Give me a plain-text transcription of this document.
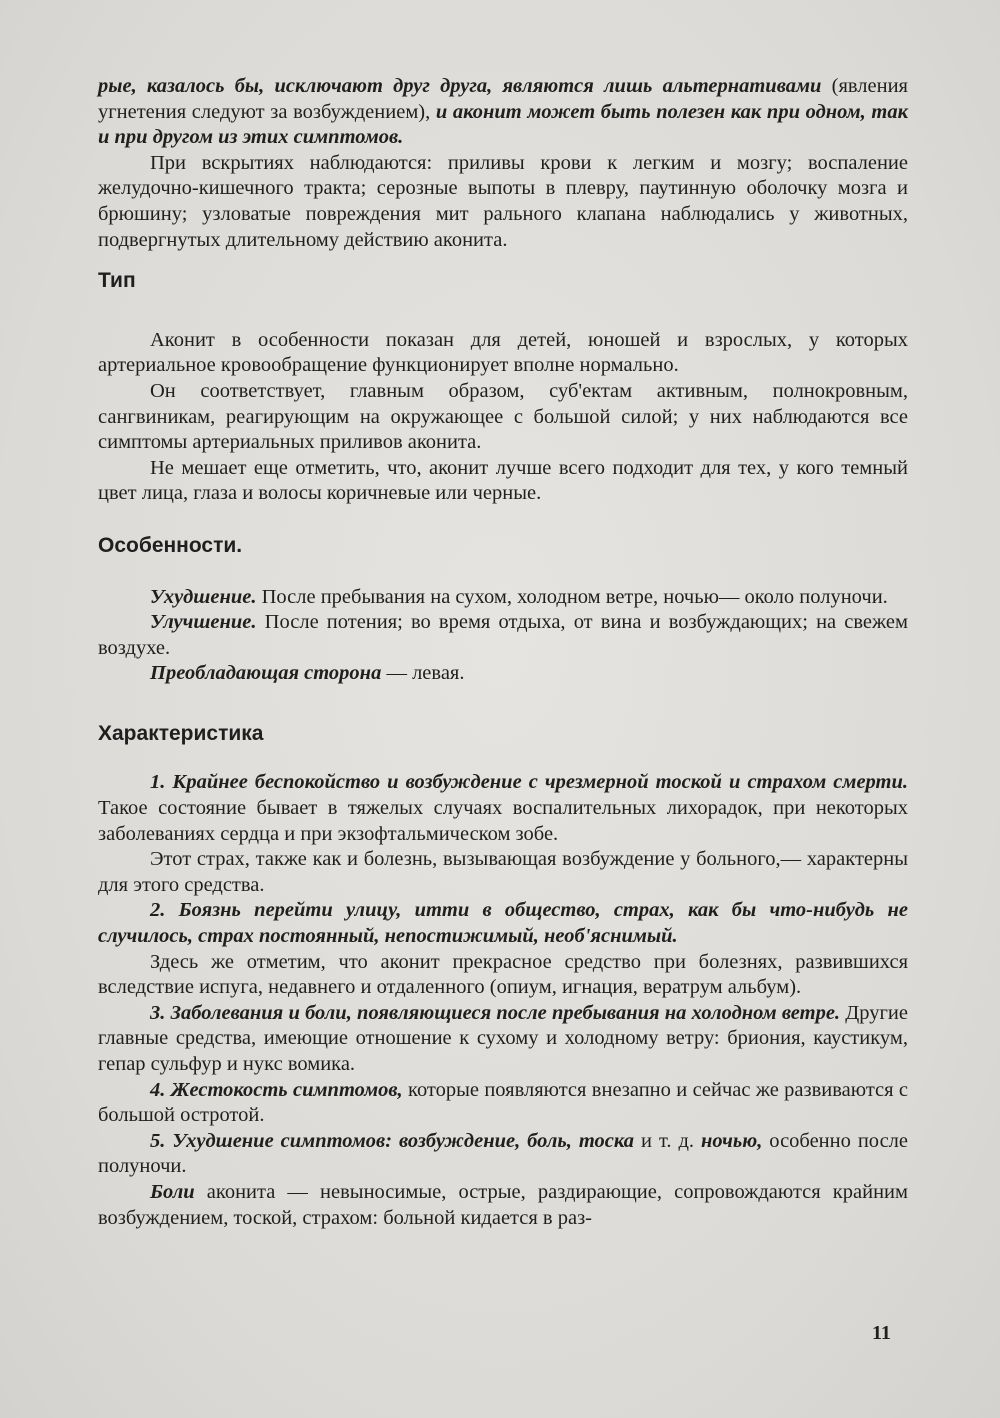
рые, казалось бы, исключают друг друга, являются лишь альтернативами (явления угнетения следуют за возбуждением), и аконит может быть полезен как при одном, так и при другом из этих симптомов.

При вскрытиях наблюдаются: приливы крови к легким и мозгу; воспаление желудочно-кишечного тракта; серозные выпоты в плевру, паутинную оболочку мозга и брюшину; узловатые повреждения мит рального клапана наблюдались у животных, подвергнутых длительному действию аконита.

Тип

Аконит в особенности показан для детей, юношей и взрослых, у которых артериальное кровообращение функционирует вполне нормально.

Он соответствует, главным образом, суб'ектам активным, полнокровным, сангвиникам, реагирующим на окружающее с большой силой; у них наблюдаются все симптомы артериальных приливов аконита.

Не мешает еще отметить, что, аконит лучше всего подходит для тех, у кого темный цвет лица, глаза и волосы коричневые или черные.

Особенности.

Ухудшение. После пребывания на сухом, холодном ветре, ночью— около полуночи.

Улучшение. После потения; во время отдыха, от вина и возбуждающих; на свежем воздухе.

Преобладающая сторона — левая.

Характеристика

1. Крайнее беспокойство и возбуждение с чрезмерной тоской и страхом смерти. Такое состояние бывает в тяжелых случаях воспалительных лихорадок, при некоторых заболеваниях сердца и при экзофтальмическом зобе.

Этот страх, также как и болезнь, вызывающая возбуждение у больного,— характерны для этого средства.

2. Боязнь перейти улицу, итти в общество, страх, как бы что-нибудь не случилось, страх постоянный, непостижимый, необ'яснимый.

Здесь же отметим, что аконит прекрасное средство при болезнях, развившихся вследствие испуга, недавнего и отдаленного (опиум, игнация, вератрум альбум).

3. Заболевания и боли, появляющиеся после пребывания на холодном ветре. Другие главные средства, имеющие отношение к сухому и холодному ветру: бриония, каустикум, гепар сульфур и нукс вомика.

4. Жестокость симптомов, которые появляются внезапно и сейчас же развиваются с большой остротой.

5. Ухудшение симптомов: возбуждение, боль, тоска и т. д. ночью, особенно после полуночи.

Боли аконита — невыносимые, острые, раздирающие, сопровождаются крайним возбуждением, тоской, страхом: больной кидается в раз-

11
